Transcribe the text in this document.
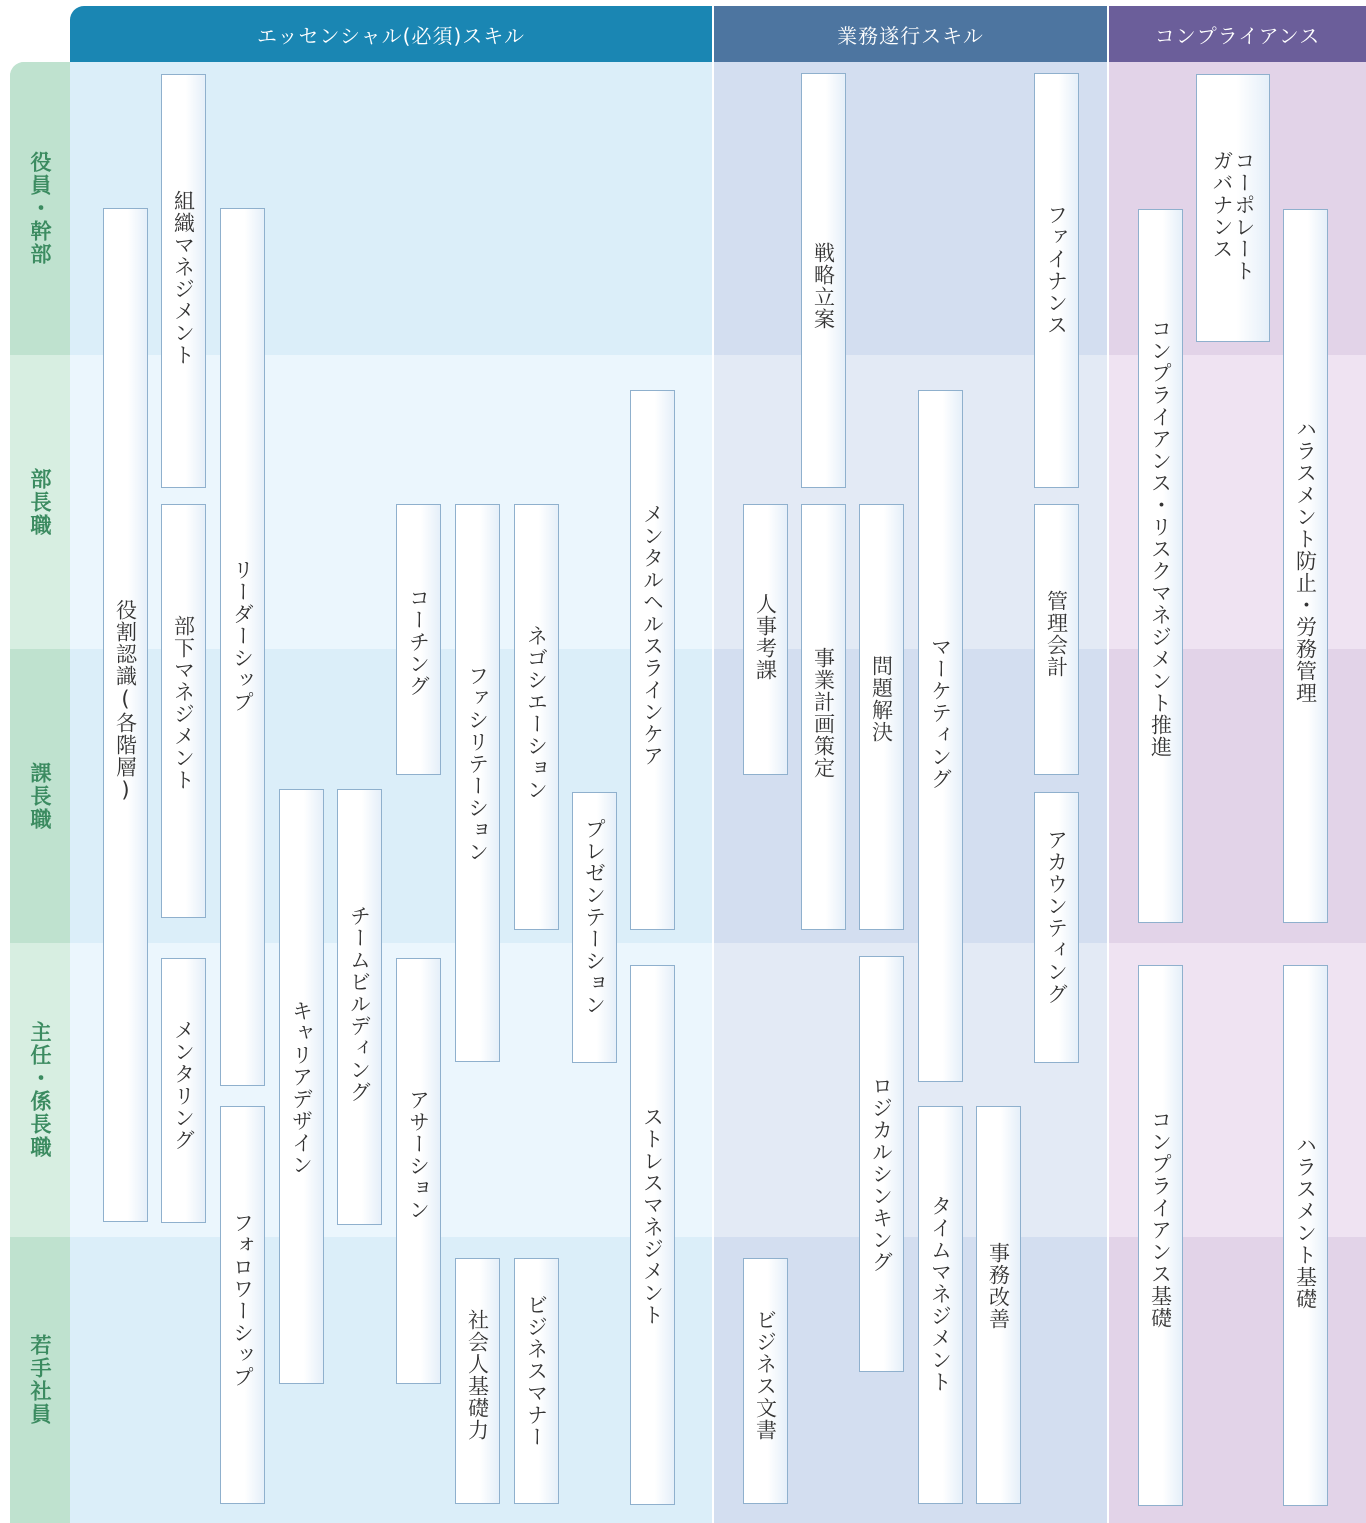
エッセンシャル(必須)スキル	業務遂行スキル	コンプライアンス
役員・幹部
部長職
課長職
主任・係長職
若手社員
役割認識(各階層)
組織マネジメント
部下マネジメント
メンタリング
リーダーシップ
フォロワーシップ
キャリアデザイン チームビルディング
コーチング
アサーション
ファシリテーション
社会人基礎力
ネゴシエーション
ビジネスマナー
プレゼンテーション
メンタルヘルスラインケア
ストレスマネジメント
戦略立案
人事考課
ビジネス文書
事業計画策定 問題解決
ロジカルシンキング
マーケティング
タイムマネジメント 事務改善
ファイナンス
管理会計
アカウンティング
コーポレート
ガバナンス
コンプライアンス・リスクマネジメント推進
コンプライアンス基礎
ハラスメント防止・労務管理
ハラスメント基礎
